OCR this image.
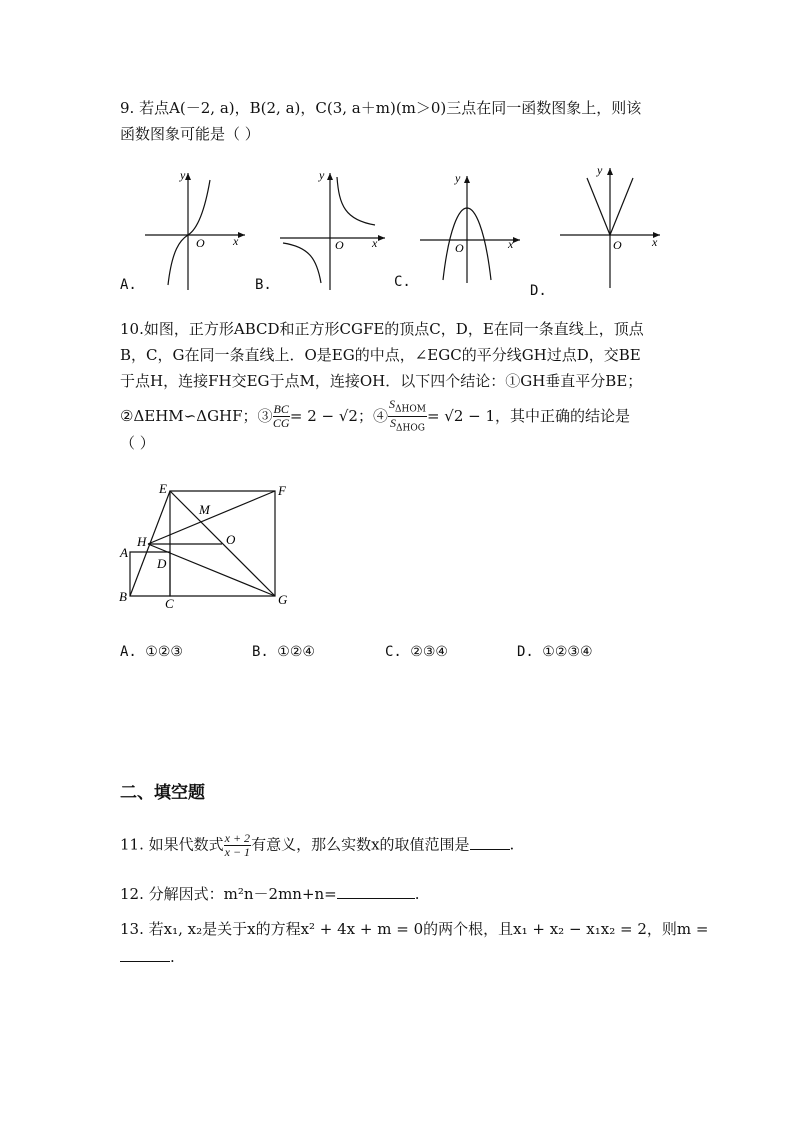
9. 若点A(－2, a)，B(2, a)，C(3, a＋m)(m＞0)三点在同一函数图象上，则该
函数图象可能是（ ）
y
x
O
A.
y
x
O
B.
y
x
O
C.
y
x
O
D.
10.如图，正方形ABCD和正方形CGFE的顶点C，D，E在同一条直线上，顶点
B，C，G在同一条直线上．O是EG的中点，∠EGC的平分线GH过点D，交BE
于点H，连接FH交EG于点M，连接OH．以下四个结论：①GH垂直平分BE；
②ΔEHM∽ΔGHF；③ $\frac{BC}{CG} = 2 - √2$；④ $\frac{S_{\Delta HOM}}{S_{\Delta HOG}} = √2 - 1$，其中正确的结论是
（ ）
E	F
M
H	O
A
D
B	C	G
A. ①②③	B. ①②④	C. ②③④	D. ①②③④
二、填空题
11. 如果代数式 $\frac{x + 2}{x - 1}$ 有意义，那么实数x的取值范围是	.
12. 分解因式：m²n－2mn+n=	.
13. 若x₁, x₂是关于x的方程x² + 4x + m = 0的两个根，且x₁ + x₂ − x₁x₂ = 2，则m =
.
